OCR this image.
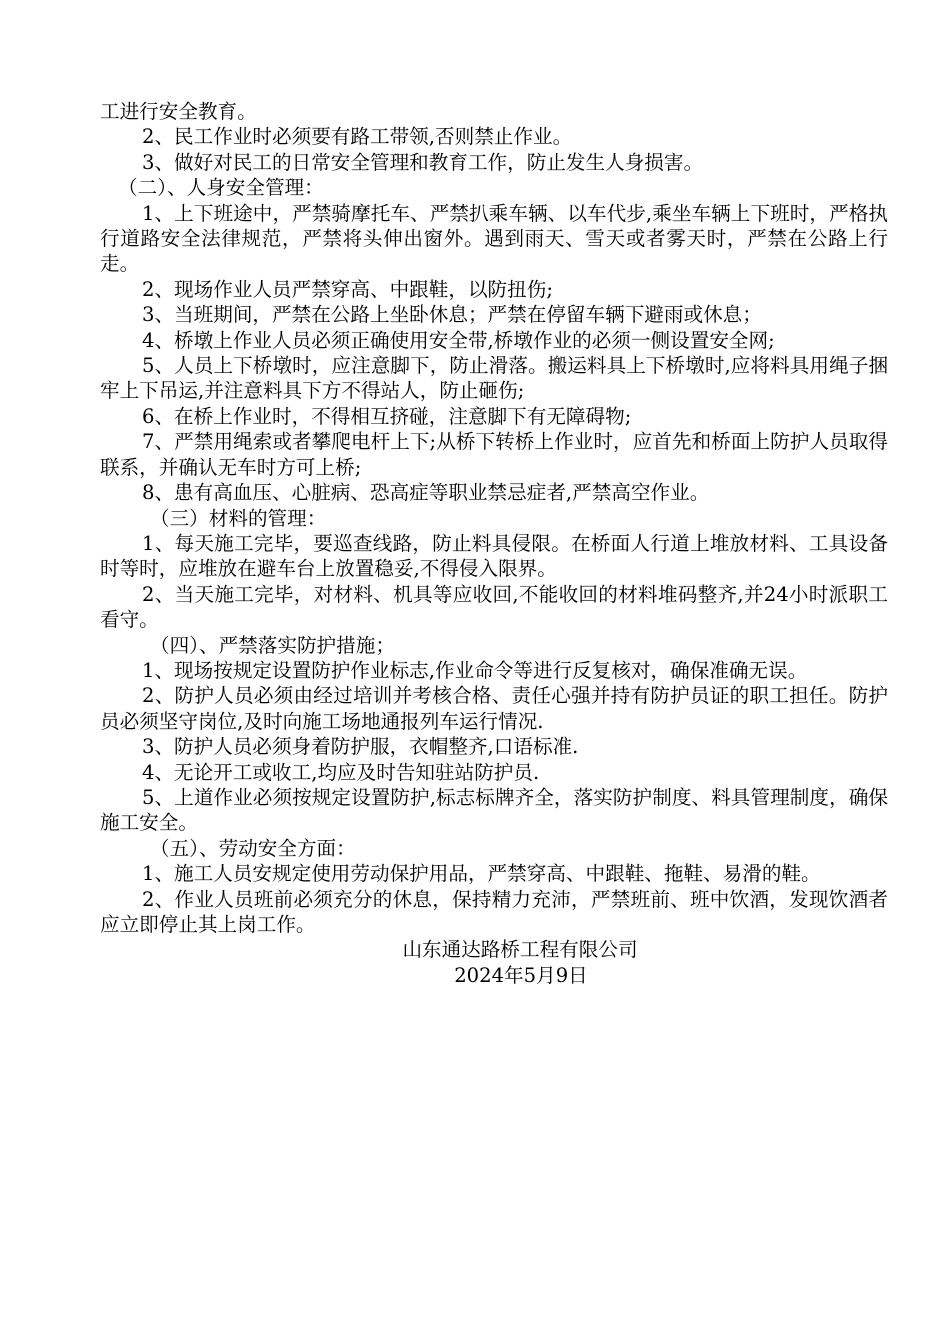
工进行安全教育。

2、民工作业时必须要有路工带领,否则禁止作业。

3、做好对民工的日常安全管理和教育工作，防止发生人身损害。

（二）、人身安全管理：

1、上下班途中，严禁骑摩托车、严禁扒乘车辆、以车代步,乘坐车辆上下班时，严格执行道路安全法律规范，严禁将头伸出窗外。遇到雨天、雪天或者雾天时，严禁在公路上行走。

2、现场作业人员严禁穿高、中跟鞋，以防扭伤;

3、当班期间，严禁在公路上坐卧休息；严禁在停留车辆下避雨或休息；

4、桥墩上作业人员必须正确使用安全带,桥墩作业的必须一侧设置安全网;

5、人员上下桥墩时，应注意脚下，防止滑落。搬运料具上下桥墩时,应将料具用绳子捆牢上下吊运,并注意料具下方不得站人，防止砸伤;

6、在桥上作业时，不得相互挤碰，注意脚下有无障碍物;

7、严禁用绳索或者攀爬电杆上下;从桥下转桥上作业时，应首先和桥面上防护人员取得联系，并确认无车时方可上桥;

8、患有高血压、心脏病、恐高症等职业禁忌症者,严禁高空作业。

（三）材料的管理：

1、每天施工完毕，要巡查线路，防止料具侵限。在桥面人行道上堆放材料、工具设备时等时，应堆放在避车台上放置稳妥,不得侵入限界。

2、当天施工完毕，对材料、机具等应收回,不能收回的材料堆码整齐,并24小时派职工看守。

（四）、严禁落实防护措施；

1、现场按规定设置防护作业标志,作业命令等进行反复核对，确保准确无误。

2、防护人员必须由经过培训并考核合格、责任心强并持有防护员证的职工担任。防护员必须坚守岗位,及时向施工场地通报列车运行情况.

3、防护人员必须身着防护服，衣帽整齐,口语标准.

4、无论开工或收工,均应及时告知驻站防护员.

5、上道作业必须按规定设置防护,标志标牌齐全，落实防护制度、料具管理制度，确保施工安全。

（五）、劳动安全方面：

1、施工人员安规定使用劳动保护用品，严禁穿高、中跟鞋、拖鞋、易滑的鞋。

2、作业人员班前必须充分的休息，保持精力充沛，严禁班前、班中饮酒，发现饮酒者应立即停止其上岗工作。

山东通达路桥工程有限公司

2024年5月9日
